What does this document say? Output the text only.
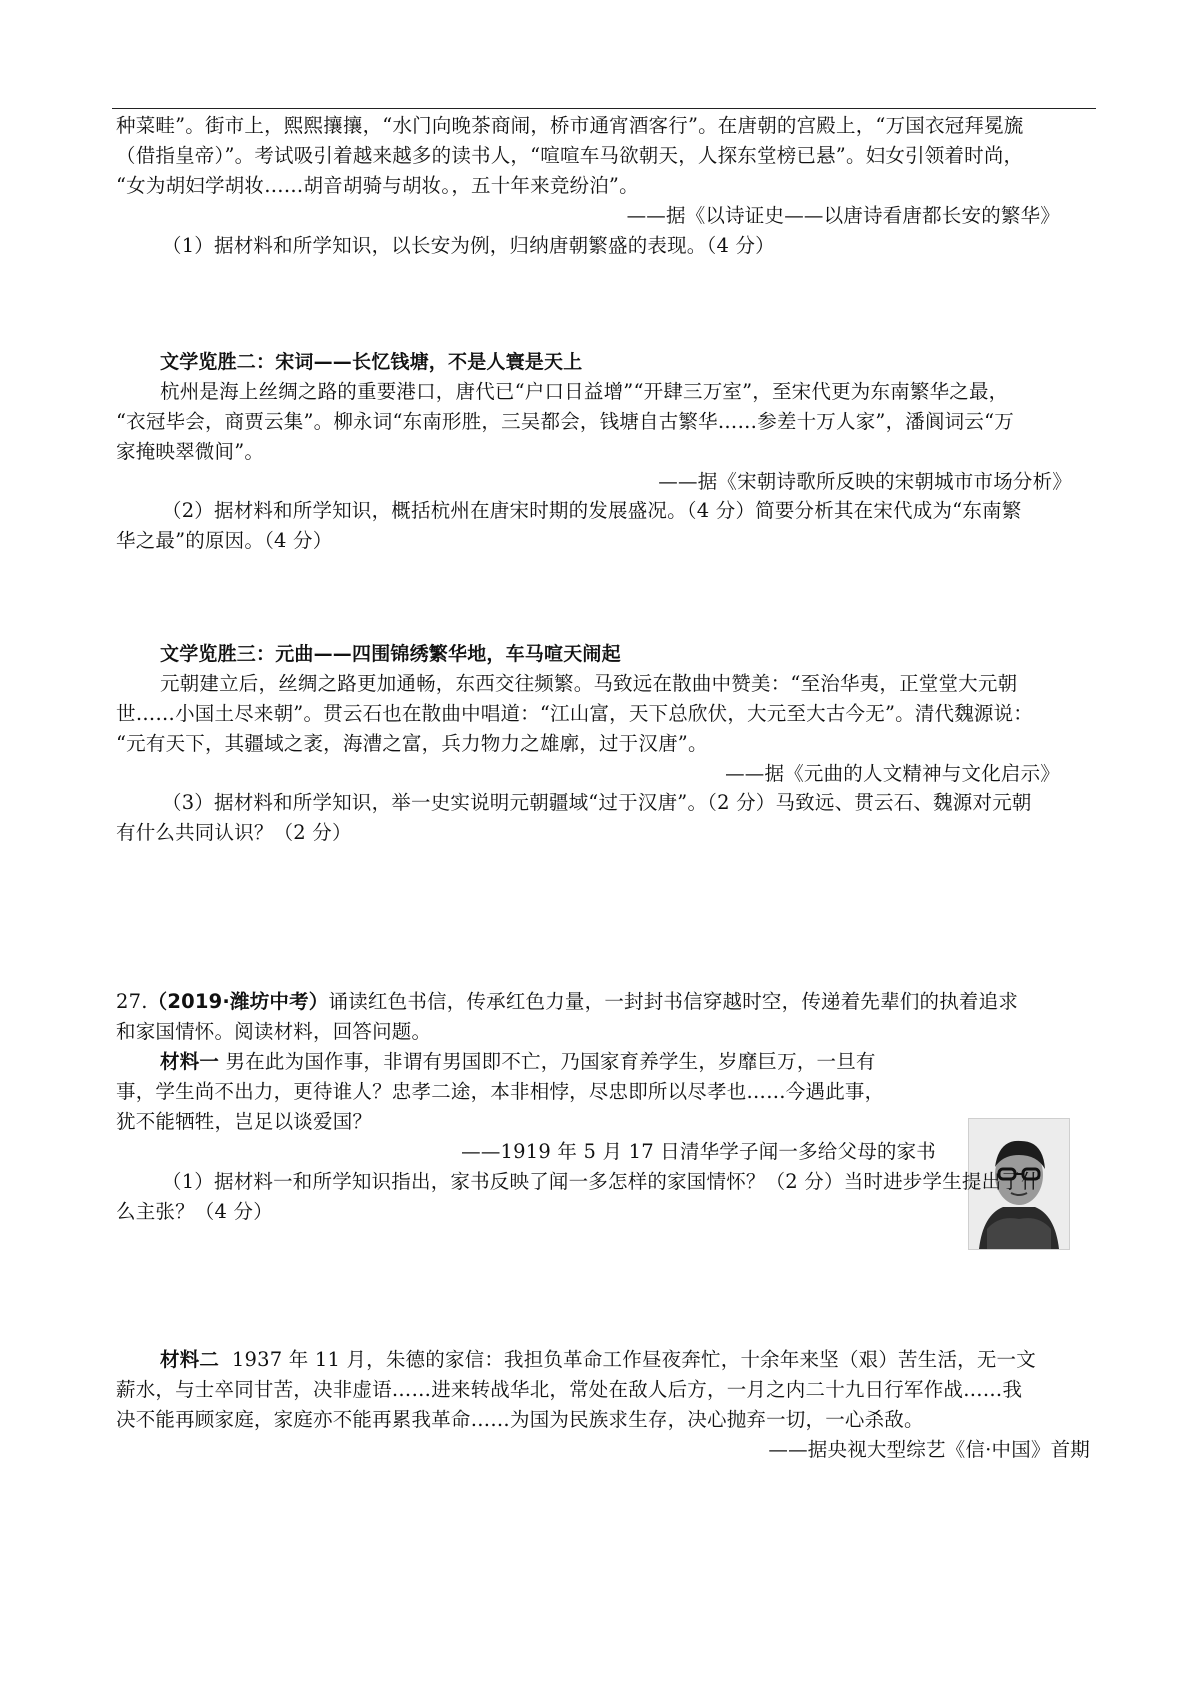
种菜畦”。街市上，熙熙攘攘，“水门向晚茶商闹，桥市通宵酒客行”。在唐朝的宫殿上，“万国衣冠拜冕旒
（借指皇帝）”。考试吸引着越来越多的读书人，“喧喧车马欲朝天，人探东堂榜已悬”。妇女引领着时尚，
“女为胡妇学胡妆……胡音胡骑与胡妆。，五十年来竞纷泊”。
——据《以诗证史——以唐诗看唐都长安的繁华》
（1）据材料和所学知识，以长安为例，归纳唐朝繁盛的表现。（4 分）
文学览胜二：宋词——长忆钱塘，不是人寰是天上
杭州是海上丝绸之路的重要港口，唐代已“户口日益增”“开肆三万室”，至宋代更为东南繁华之最，
“衣冠毕会，商贾云集”。柳永词“东南形胜，三吴都会，钱塘自古繁华……参差十万人家”，潘阆词云“万
家掩映翠微间”。
——据《宋朝诗歌所反映的宋朝城市市场分析》
（2）据材料和所学知识，概括杭州在唐宋时期的发展盛况。（4 分）简要分析其在宋代成为“东南繁
华之最”的原因。（4 分）
文学览胜三：元曲——四围锦绣繁华地，车马喧天闹起
元朝建立后，丝绸之路更加通畅，东西交往频繁。马致远在散曲中赞美：“至治华夷，正堂堂大元朝
世……小国土尽来朝”。贯云石也在散曲中唱道：“江山富，天下总欣伏，大元至大古今无”。清代魏源说：
“元有天下，其疆域之袤，海漕之富，兵力物力之雄廓，过于汉唐”。
——据《元曲的人文精神与文化启示》
（3）据材料和所学知识，举一史实说明元朝疆域“过于汉唐”。（2 分）马致远、贯云石、魏源对元朝
有什么共同认识？（2 分）
27.（2019·潍坊中考）诵读红色书信，传承红色力量，一封封书信穿越时空，传递着先辈们的执着追求
和家国情怀。阅读材料，回答问题。
材料一 男在此为国作事，非谓有男国即不亡，乃国家育养学生，岁靡巨万，一旦有
事，学生尚不出力，更待谁人？忠孝二途，本非相悖，尽忠即所以尽孝也……今遇此事，
犹不能牺牲，岂足以谈爱国？
——1919 年 5 月 17 日清华学子闻一多给父母的家书
（1）据材料一和所学知识指出，家书反映了闻一多怎样的家国情怀？（2 分）当时进步学生提出了什
么主张？（4 分）
材料二 1937 年 11 月，朱德的家信：我担负革命工作昼夜奔忙，十余年来坚（艰）苦生活，无一文
薪水，与士卒同甘苦，决非虚语……进来转战华北，常处在敌人后方，一月之内二十九日行军作战……我
决不能再顾家庭，家庭亦不能再累我革命……为国为民族求生存，决心抛弃一切，一心杀敌。
——据央视大型综艺《信·中国》首期
